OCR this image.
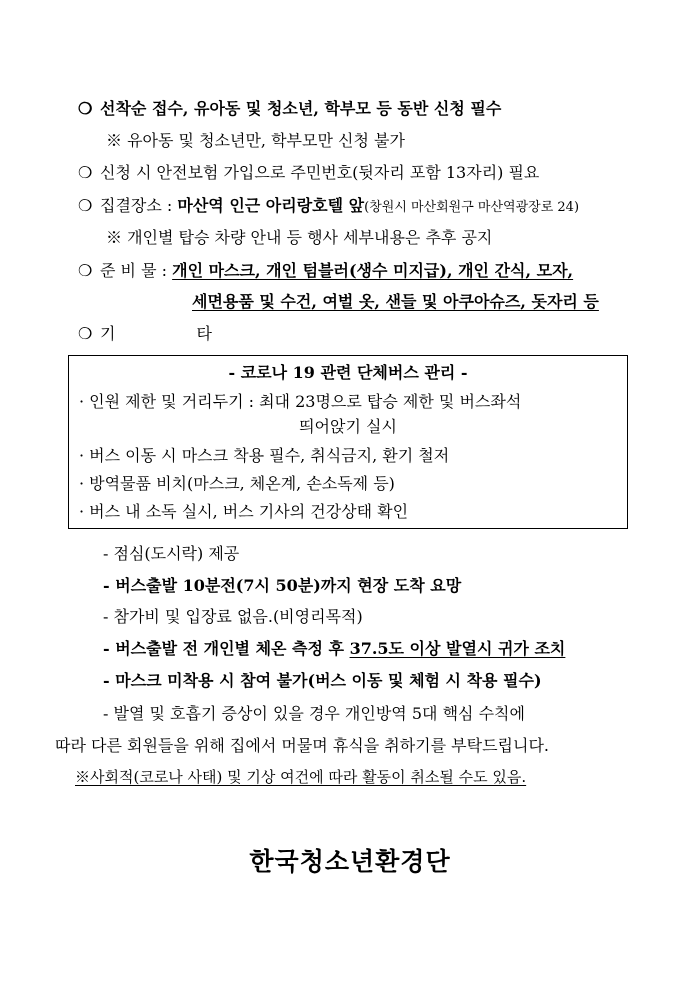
❍ 선착순 접수, 유아동 및 청소년, 학부모 등 동반 신청 필수
※ 유아동 및 청소년만, 학부모만 신청 불가
❍ 신청 시 안전보험 가입으로 주민번호(뒷자리 포함 13자리) 필요
❍ 집결장소 : 마산역 인근 아리랑호텔 앞(창원시 마산회원구 마산역광장로 24)
※ 개인별 탑승 차량 안내 등 행사 세부내용은 추후 공지
❍ 준 비 물 : 개인 마스크, 개인 텀블러(생수 미지급), 개인 간식, 모자,
세면용품 및 수건, 여벌 옷, 샌들 및 아쿠아슈즈, 돗자리 등
❍ 기 타
- 코로나 19 관련 단체버스 관리 -
· 인원 제한 및 거리두기 : 최대 23명으로 탑승 제한 및 버스좌석
띄어앉기 실시
· 버스 이동 시 마스크 착용 필수, 취식금지, 환기 철저
· 방역물품 비치(마스크, 체온계, 손소독제 등)
· 버스 내 소독 실시, 버스 기사의 건강상태 확인
- 점심(도시락) 제공
- 버스출발 10분전(7시 50분)까지 현장 도착 요망
- 참가비 및 입장료 없음.(비영리목적)
- 버스출발 전 개인별 체온 측정 후 37.5도 이상 발열시 귀가 조치
- 마스크 미착용 시 참여 불가(버스 이동 및 체험 시 착용 필수)
- 발열 및 호흡기 증상이 있을 경우 개인방역 5대 핵심 수칙에
따라 다른 회원들을 위해 집에서 머물며 휴식을 취하기를 부탁드립니다.
※사회적(코로나 사태) 및 기상 여건에 따라 활동이 취소될 수도 있음.
한국청소년환경단
